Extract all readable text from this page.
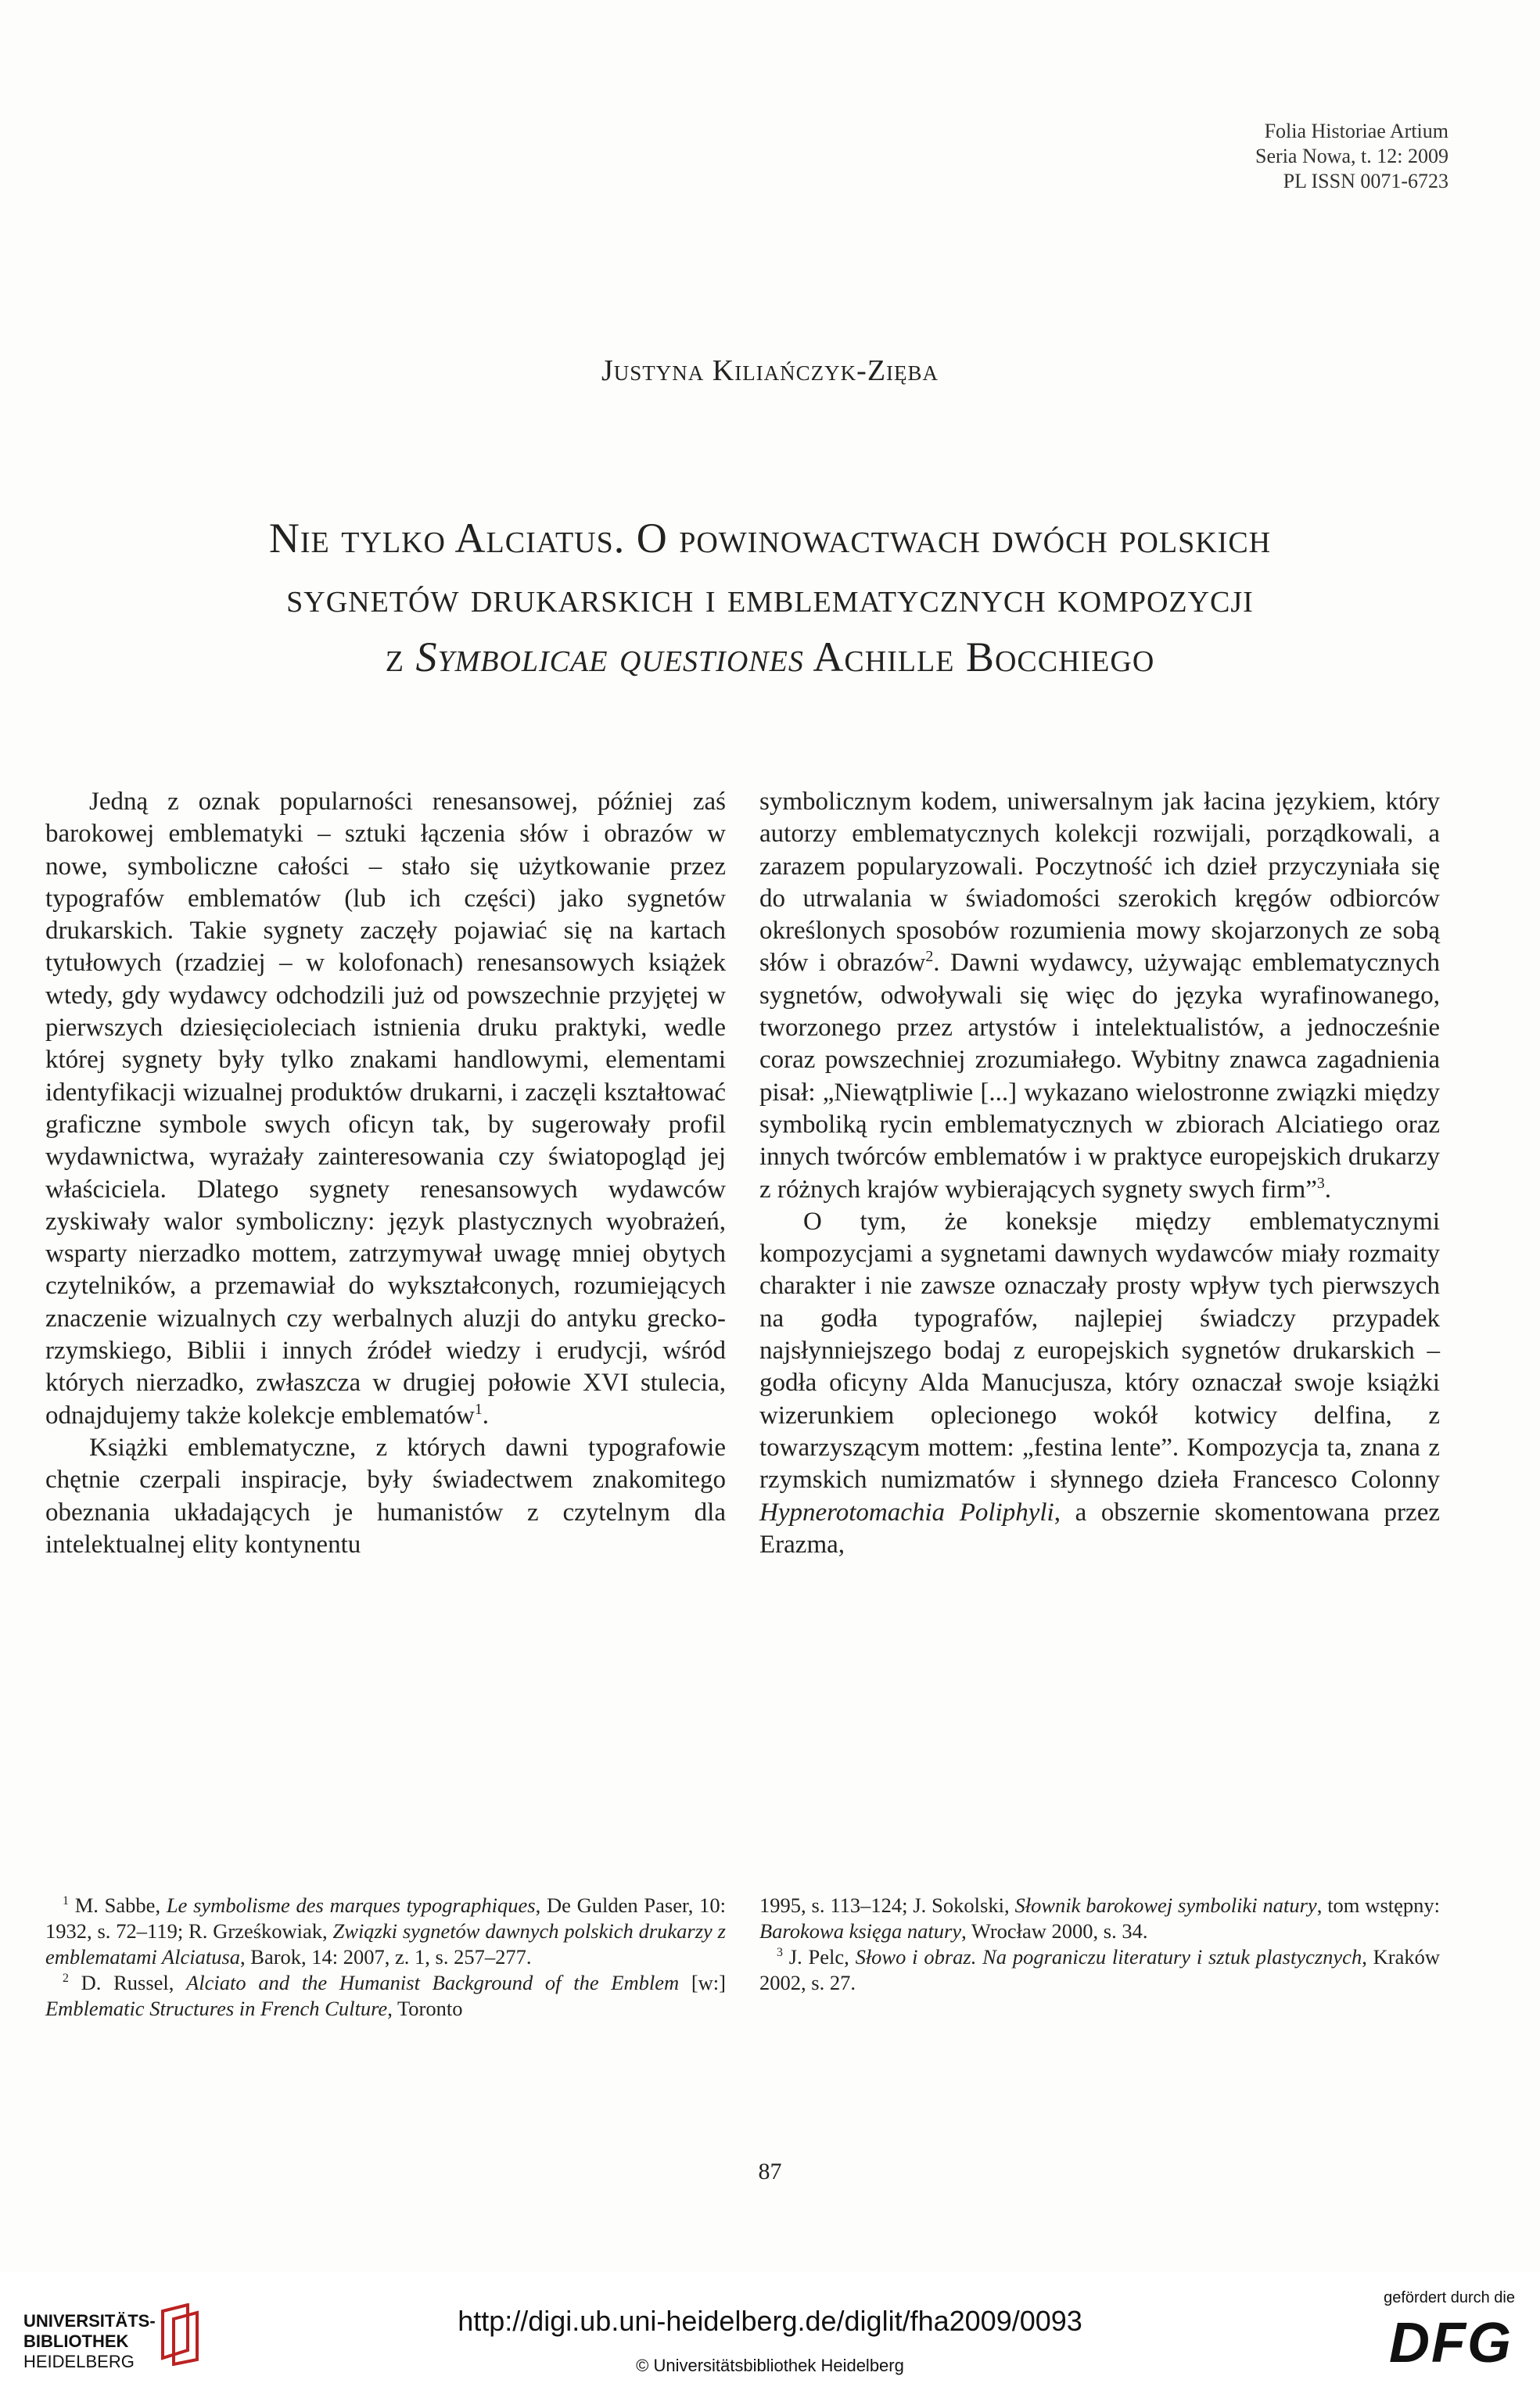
Folia Historiae Artium
Seria Nowa, t. 12: 2009
PL ISSN 0071-6723
Justyna Kiliańczyk-Zięba
Nie tylko Alciatus. O powinowactwach dwóch polskich
sygnetów drukarskich i emblematycznych kompozycji
z Symbolicae questiones Achille Bocchiego

Jedną z oznak popularności renesansowej, później zaś barokowej emblematyki – sztuki łączenia słów i obrazów w nowe, symboliczne całości – stało się użytkowanie przez typografów emblematów (lub ich części) jako sygnetów drukarskich. Takie sygnety zaczęły pojawiać się na kartach tytułowych (rzadziej – w kolofonach) renesansowych książek wtedy, gdy wydawcy odchodzili już od powszechnie przyjętej w pierwszych dziesięcioleciach istnienia druku praktyki, wedle której sygnety były tylko znakami handlowymi, elementami identyfikacji wizualnej produktów drukarni, i zaczęli kształtować graficzne symbole swych oficyn tak, by sugerowały profil wydawnictwa, wyrażały zainteresowania czy światopogląd jej właściciela. Dlatego sygnety renesansowych wydawców zyskiwały walor symboliczny: język plastycznych wyobrażeń, wsparty nierzadko mottem, zatrzymywał uwagę mniej obytych czytelników, a przemawiał do wykształconych, rozumiejących znaczenie wizualnych czy werbalnych aluzji do antyku grecko-rzymskiego, Biblii i innych źródeł wiedzy i erudycji, wśród których nierzadko, zwłaszcza w drugiej połowie XVI stulecia, odnajdujemy także kolekcje emblematów$^1$.

Książki emblematyczne, z których dawni typografowie chętnie czerpali inspiracje, były świadectwem znakomitego obeznania układających je humanistów z czytelnym dla intelektualnej elity kontynentu

symbolicznym kodem, uniwersalnym jak łacina językiem, który autorzy emblematycznych kolekcji rozwijali, porządkowali, a zarazem popularyzowali. Poczytność ich dzieł przyczyniała się do utrwalania w świadomości szerokich kręgów odbiorców określonych sposobów rozumienia mowy skojarzonych ze sobą słów i obrazów$^2$. Dawni wydawcy, używając emblematycznych sygnetów, odwoływali się więc do języka wyrafinowanego, tworzonego przez artystów i intelektualistów, a jednocześnie coraz powszechniej zrozumiałego. Wybitny znawca zagadnienia pisał: „Niewątpliwie [...] wykazano wielostronne związki między symboliką rycin emblematycznych w zbiorach Alciatiego oraz innych twórców emblematów i w praktyce europejskich drukarzy z różnych krajów wybierających sygnety swych firm”$^3$.

O tym, że koneksje między emblematycznymi kompozycjami a sygnetami dawnych wydawców miały rozmaity charakter i nie zawsze oznaczały prosty wpływ tych pierwszych na godła typografów, najlepiej świadczy przypadek najsłynniejszego bodaj z europejskich sygnetów drukarskich – godła oficyny Alda Manucjusza, który oznaczał swoje książki wizerunkiem oplecionego wokół kotwicy delfina, z towarzyszącym mottem: „festina lente”. Kompozycja ta, znana z rzymskich numizmatów i słynnego dzieła Francesco Colonny Hypnerotomachia Poliphyli, a obszernie skomentowana przez Erazma,

$^1$ M. Sabbe, Le symbolisme des marques typographiques, De Gulden Paser, 10: 1932, s. 72–119; R. Grześkowiak, Związki sygnetów dawnych polskich drukarzy z emblematami Alciatusa, Barok, 14: 2007, z. 1, s. 257–277.

$^2$ D. Russel, Alciato and the Humanist Background of the Emblem [w:] Emblematic Structures in French Culture, Toronto

1995, s. 113–124; J. Sokolski, Słownik barokowej symboliki natury, tom wstępny: Barokowa księga natury, Wrocław 2000, s. 34.

$^3$ J. Pelc, Słowo i obraz. Na pograniczu literatury i sztuk plastycznych, Kraków 2002, s. 27.

87
UNIVERSITÄTS-
BIBLIOTHEK
HEIDELBERG
http://digi.ub.uni-heidelberg.de/diglit/fha2009/0093
© Universitätsbibliothek Heidelberg
gefördert durch die
DFG
